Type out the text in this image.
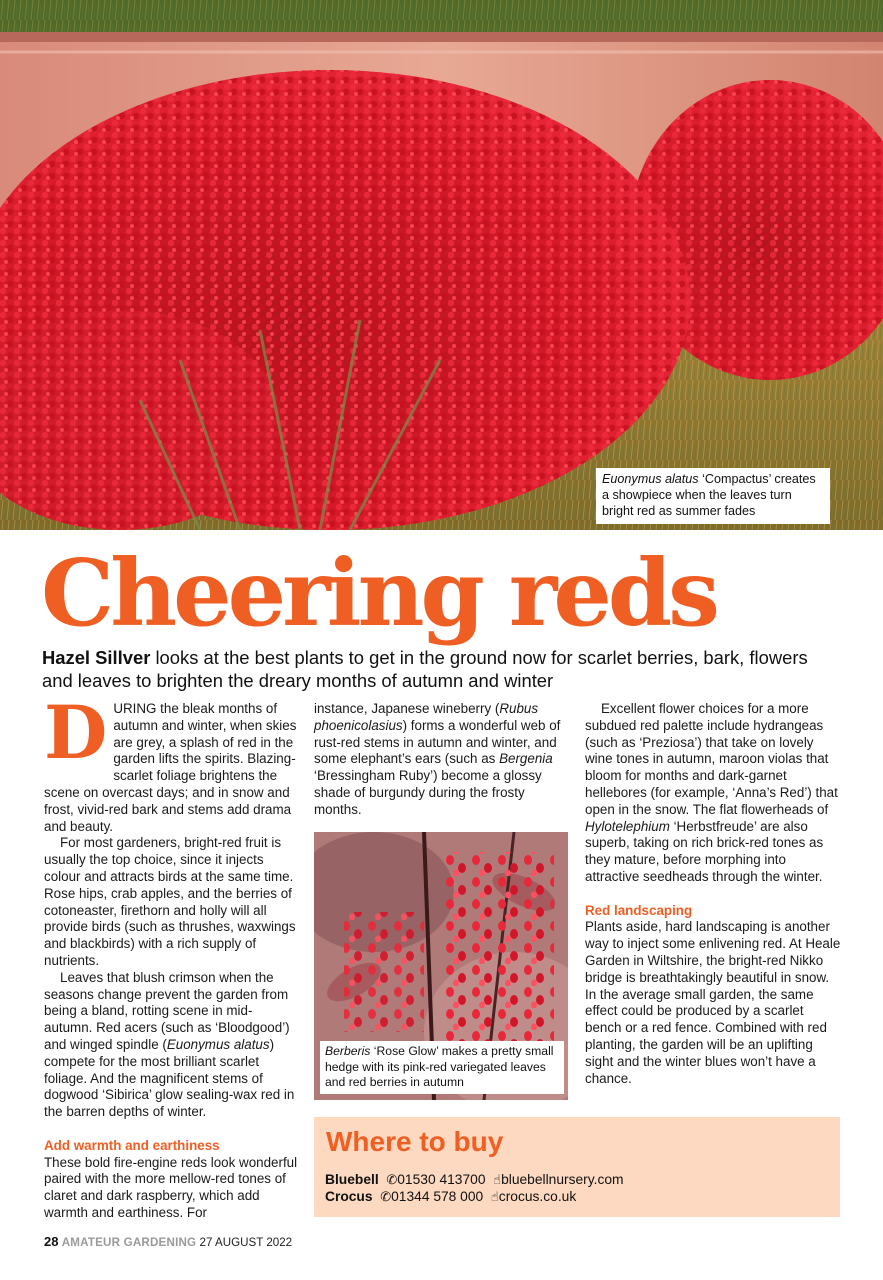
Euonymus alatus ‘Compactus’ creates a showpiece when the leaves turn bright red as summer fades
Cheering reds
Hazel Sillver looks at the best plants to get in the ground now for scarlet berries, bark, flowers and leaves to brighten the dreary months of autumn and winter
D URING the bleak months of autumn and winter, when skies are grey, a splash of red in the garden lifts the spirits. Blazing-scarlet foliage brightens the scene on overcast days; and in snow and frost, vivid-red bark and stems add drama and beauty.

For most gardeners, bright-red fruit is usually the top choice, since it injects colour and attracts birds at the same time. Rose hips, crab apples, and the berries of cotoneaster, firethorn and holly will all provide birds (such as thrushes, waxwings and blackbirds) with a rich supply of nutrients.

Leaves that blush crimson when the seasons change prevent the garden from being a bland, rotting scene in mid-autumn. Red acers (such as ‘Bloodgood’) and winged spindle (Euonymus alatus) compete for the most brilliant scarlet foliage. And the magnificent stems of dogwood ‘Sibirica’ glow sealing-wax red in the barren depths of winter.

Add warmth and earthiness

These bold fire-engine reds look wonderful paired with the more mellow-red tones of claret and dark raspberry, which add warmth and earthiness. For

instance, Japanese wineberry (Rubus phoenicolasius) forms a wonderful web of rust-red stems in autumn and winter, and some elephant’s ears (such as Bergenia ‘Bressingham Ruby’) become a glossy shade of burgundy during the frosty months.

Berberis ‘Rose Glow’ makes a pretty small hedge with its pink-red variegated leaves and red berries in autumn

Excellent flower choices for a more subdued red palette include hydrangeas (such as ‘Preziosa’) that take on lovely wine tones in autumn, maroon violas that bloom for months and dark-garnet hellebores (for example, ‘Anna’s Red’) that open in the snow. The flat flowerheads of Hylotelephium ‘Herbstfreude’ are also superb, taking on rich brick-red tones as they mature, before morphing into attractive seedheads through the winter.

Red landscaping

Plants aside, hard landscaping is another way to inject some enlivening red. At Heale Garden in Wiltshire, the bright-red Nikko bridge is breathtakingly beautiful in snow. In the average small garden, the same effect could be produced by a scarlet bench or a red fence. Combined with red planting, the garden will be an uplifting sight and the winter blues won’t have a chance.

Where to buy
Bluebell ✆01530 413700 ☝bluebellnursery.com
Crocus ✆01344 578 000 ☝crocus.co.uk
28 AMATEUR GARDENING 27 AUGUST 2022
